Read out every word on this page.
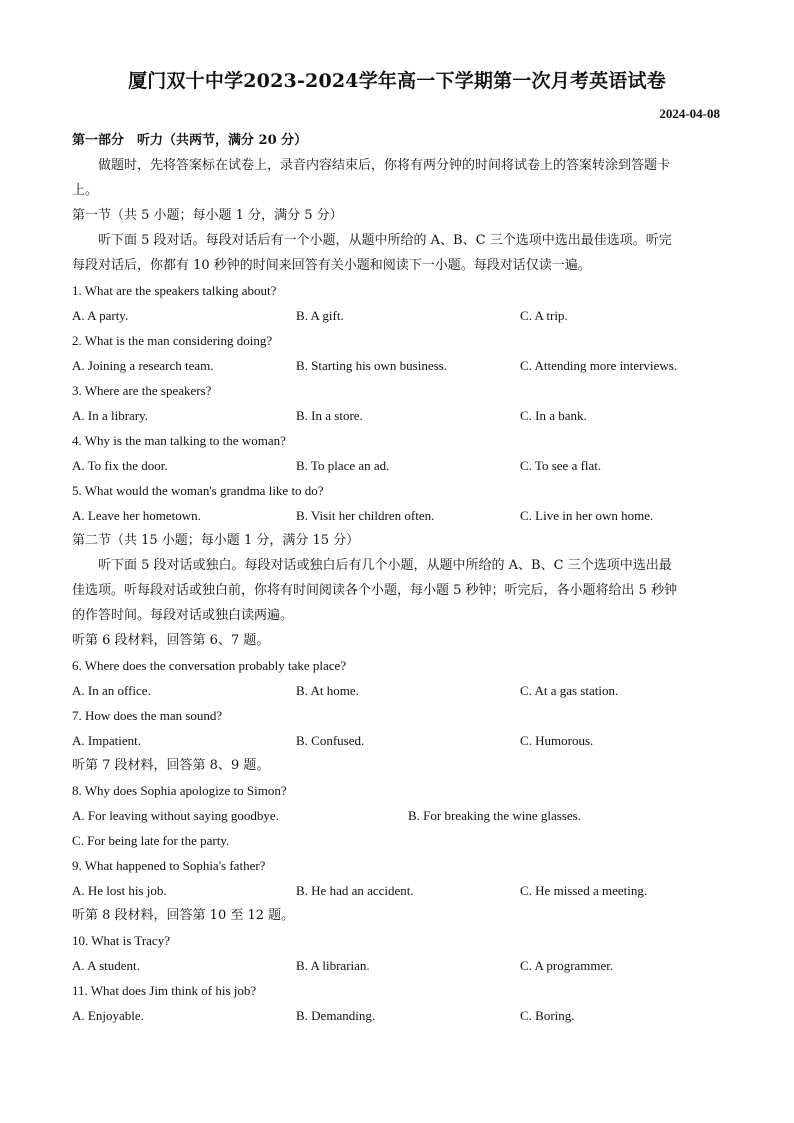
厦门双十中学2023-2024学年高一下学期第一次月考英语试卷
2024-04-08
第一部分　听力（共两节，满分 20 分）
做题时，先将答案标在试卷上，录音内容结束后，你将有两分钟的时间将试卷上的答案转涂到答题卡
上。
第一节（共 5 小题；每小题 1 分，满分 5 分）
听下面 5 段对话。每段对话后有一个小题，从题中所给的 A、B、C 三个选项中选出最佳选项。听完
每段对话后，你都有 10 秒钟的时间来回答有关小题和阅读下一小题。每段对话仅读一遍。
1. What are the speakers talking about?
A. A party.	B. A gift.	C. A trip.
2. What is the man considering doing?
A. Joining a research team.	B. Starting his own business.	C. Attending more interviews.
3. Where are the speakers?
A. In a library.	B. In a store.	C. In a bank.
4. Why is the man talking to the woman?
A. To fix the door.	B. To place an ad.	C. To see a flat.
5. What would the woman's grandma like to do?
A. Leave her hometown.	B. Visit her children often.	C. Live in her own home.
第二节（共 15 小题；每小题 1 分，满分 15 分）
听下面 5 段对话或独白。每段对话或独白后有几个小题，从题中所给的 A、B、C 三个选项中选出最
佳选项。听每段对话或独白前，你将有时间阅读各个小题，每小题 5 秒钟；听完后，各小题将给出 5 秒钟
的作答时间。每段对话或独白读两遍。
听第 6 段材料，回答第 6、7 题。
6. Where does the conversation probably take place?
A. In an office.	B. At home.	C. At a gas station.
7. How does the man sound?
A. Impatient.	B. Confused.	C. Humorous.
听第 7 段材料，回答第 8、9 题。
8. Why does Sophia apologize to Simon?
A. For leaving without saying goodbye.	B. For breaking the wine glasses.
C. For being late for the party.
9. What happened to Sophia's father?
A. He lost his job.	B. He had an accident.	C. He missed a meeting.
听第 8 段材料，回答第 10 至 12 题。
10. What is Tracy?
A. A student.	B. A librarian.	C. A programmer.
11. What does Jim think of his job?
A. Enjoyable.	B. Demanding.	C. Boring.
